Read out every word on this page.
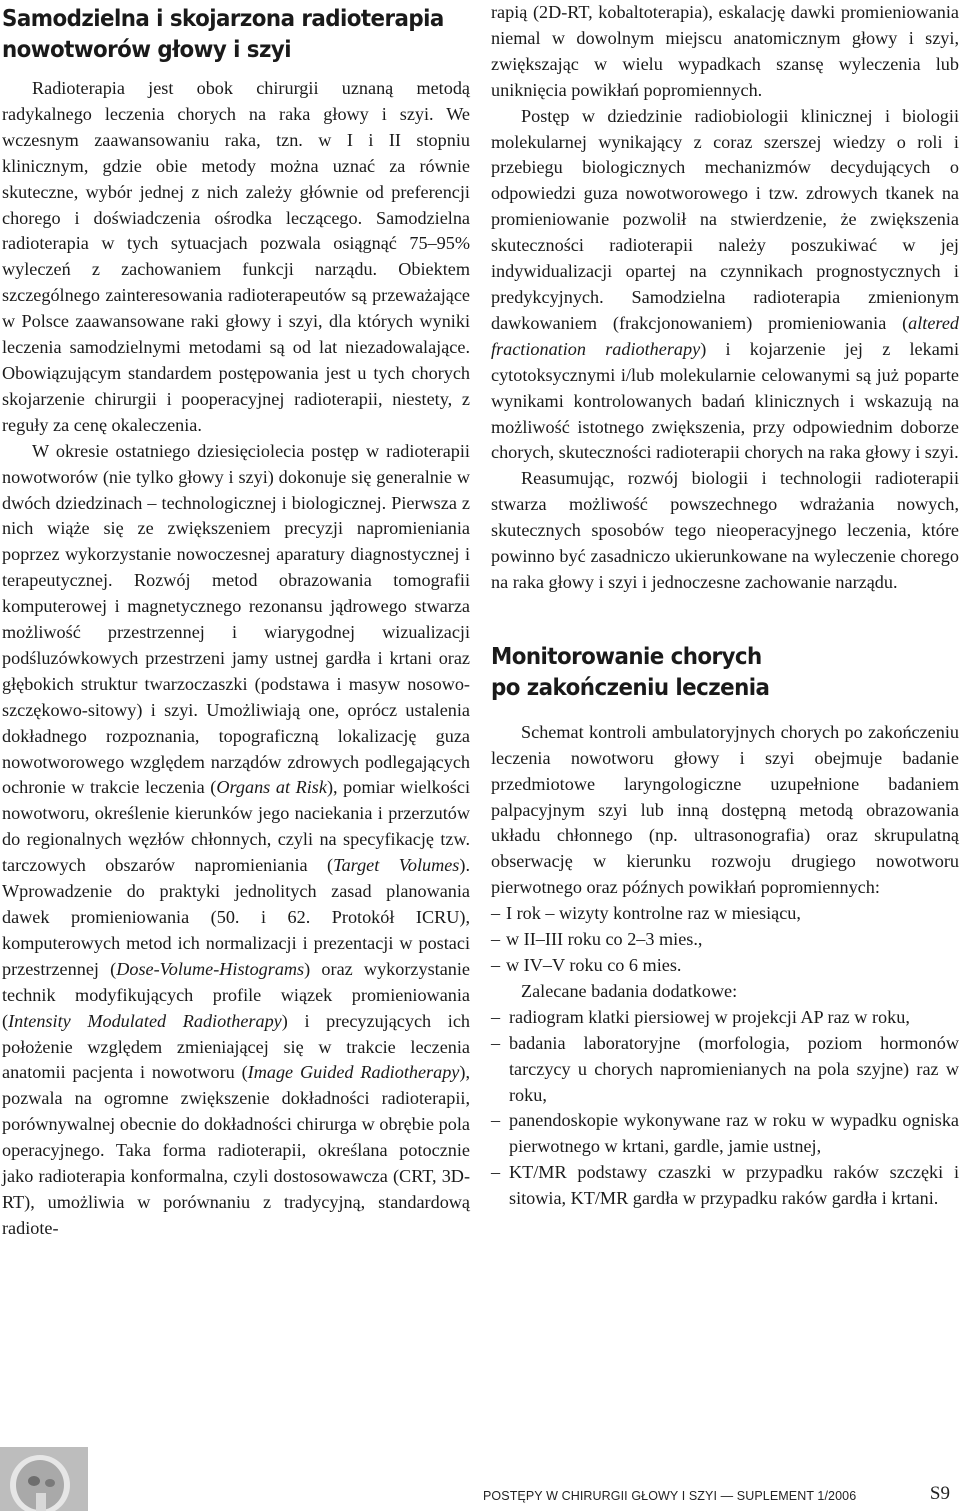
Samodzielna i skojarzona radioterapia
nowotworów głowy i szyi

Radioterapia jest obok chirurgii uznaną metodą radykalnego leczenia chorych na raka głowy i szyi. We wczesnym zaawansowaniu raka, tzn. w I i II stopniu klinicznym, gdzie obie metody można uznać za równie skuteczne, wybór jednej z nich zależy głównie od preferencji chorego i doświadczenia ośrodka leczącego. Samodzielna radioterapia w tych sytuacjach pozwala osiągnąć 75–95% wyleczeń z zachowaniem funkcji narządu. Obiektem szczególnego zainteresowania radioterapeutów są przeważające w Polsce zaawansowane raki głowy i szyi, dla których wyniki leczenia samodzielnymi metodami są od lat niezadowalające. Obowiązującym standardem postępowania jest u tych chorych skojarzenie chirurgii i pooperacyjnej radioterapii, niestety, z reguły za cenę okaleczenia.

W okresie ostatniego dziesięciolecia postęp w radioterapii nowotworów (nie tylko głowy i szyi) dokonuje się generalnie w dwóch dziedzinach – technologicznej i biologicznej. Pierwsza z nich wiąże się ze zwiększeniem precyzji napromieniania poprzez wykorzystanie nowoczesnej aparatury diagnostycznej i terapeutycznej. Rozwój metod obrazowania tomografii komputerowej i magnetycznego rezonansu jądrowego stwarza możliwość przestrzennej i wiarygodnej wizualizacji podśluzówkowych przestrzeni jamy ustnej gardła i krtani oraz głębokich struktur twarzoczaszki (podstawa i masyw nosowo-szczękowo-sitowy) i szyi. Umożliwiają one, oprócz ustalenia dokładnego rozpoznania, topograficzną lokalizację guza nowotworowego względem narządów zdrowych podlegających ochronie w trakcie leczenia (Organs at Risk), pomiar wielkości nowotworu, określenie kierunków jego naciekania i przerzutów do regionalnych węzłów chłonnych, czyli na specyfikację tzw. tarczowych obszarów napromieniania (Target Volumes). Wprowadzenie do praktyki jednolitych zasad planowania dawek promieniowania (50. i 62. Protokół ICRU), komputerowych metod ich normalizacji i prezentacji w postaci przestrzennej (Dose-Volume-Histograms) oraz wykorzystanie technik modyfikujących profile wiązek promieniowania (Intensity Modulated Radiotherapy) i precyzujących ich położenie względem zmieniającej się w trakcie leczenia anatomii pacjenta i nowotworu (Image Guided Radiotherapy), pozwala na ogromne zwiększenie dokładności radioterapii, porównywalnej obecnie do dokładności chirurga w obrębie pola operacyjnego. Taka forma radioterapii, określana potocznie jako radioterapia konformalna, czyli dostosowawcza (CRT, 3D-RT), umożliwia w porównaniu z tradycyjną, standardową radiote-

rapią (2D-RT, kobaltoterapia), eskalację dawki promieniowania niemal w dowolnym miejscu anatomicznym głowy i szyi, zwiększając w wielu wypadkach szansę wyleczenia lub uniknięcia powikłań popromiennych.

Postęp w dziedzinie radiobiologii klinicznej i biologii molekularnej wynikający z coraz szerszej wiedzy o roli i przebiegu biologicznych mechanizmów decydujących o odpowiedzi guza nowotworowego i tzw. zdrowych tkanek na promieniowanie pozwolił na stwierdzenie, że zwiększenia skuteczności radioterapii należy poszukiwać w jej indywidualizacji opartej na czynnikach prognostycznych i predykcyjnych. Samodzielna radioterapia zmienionym dawkowaniem (frakcjonowaniem) promieniowania (altered fractionation radiotherapy) i kojarzenie jej z lekami cytotoksycznymi i/lub molekularnie celowanymi są już poparte wynikami kontrolowanych badań klinicznych i wskazują na możliwość istotnego zwiększenia, przy odpowiednim doborze chorych, skuteczności radioterapii chorych na raka głowy i szyi.

Reasumując, rozwój biologii i technologii radioterapii stwarza możliwość powszechnego wdrażania nowych, skutecznych sposobów tego nieoperacyjnego leczenia, które powinno być zasadniczo ukierunkowane na wyleczenie chorego na raka głowy i szyi i jednoczesne zachowanie narządu.

Monitorowanie chorych
po zakończeniu leczenia

Schemat kontroli ambulatoryjnych chorych po zakończeniu leczenia nowotworu głowy i szyi obejmuje badanie przedmiotowe laryngologiczne uzupełnione badaniem palpacyjnym szyi lub inną dostępną metodą obrazowania układu chłonnego (np. ultrasonografia) oraz skrupulatną obserwację w kierunku rozwoju drugiego nowotworu pierwotnego oraz późnych powikłań popromiennych:

– I rok – wizyty kontrolne raz w miesiącu,
– w II–III roku co 2–3 mies.,
– w IV–V roku co 6 mies.

Zalecane badania dodatkowe:

– radiogram klatki piersiowej w projekcji AP raz w roku,
– badania laboratoryjne (morfologia, poziom hormonów tarczycy u chorych napromienianych na pola szyjne) raz w roku,
– panendoskopie wykonywane raz w roku w wypadku ogniska pierwotnego w krtani, gardle, jamie ustnej,
– KT/MR podstawy czaszki w przypadku raków szczęki i sitowia, KT/MR gardła w przypadku raków gardła i krtani.
POSTĘPY W CHIRURGII GŁOWY I SZYI — SUPLEMENT 1/2006	S9
